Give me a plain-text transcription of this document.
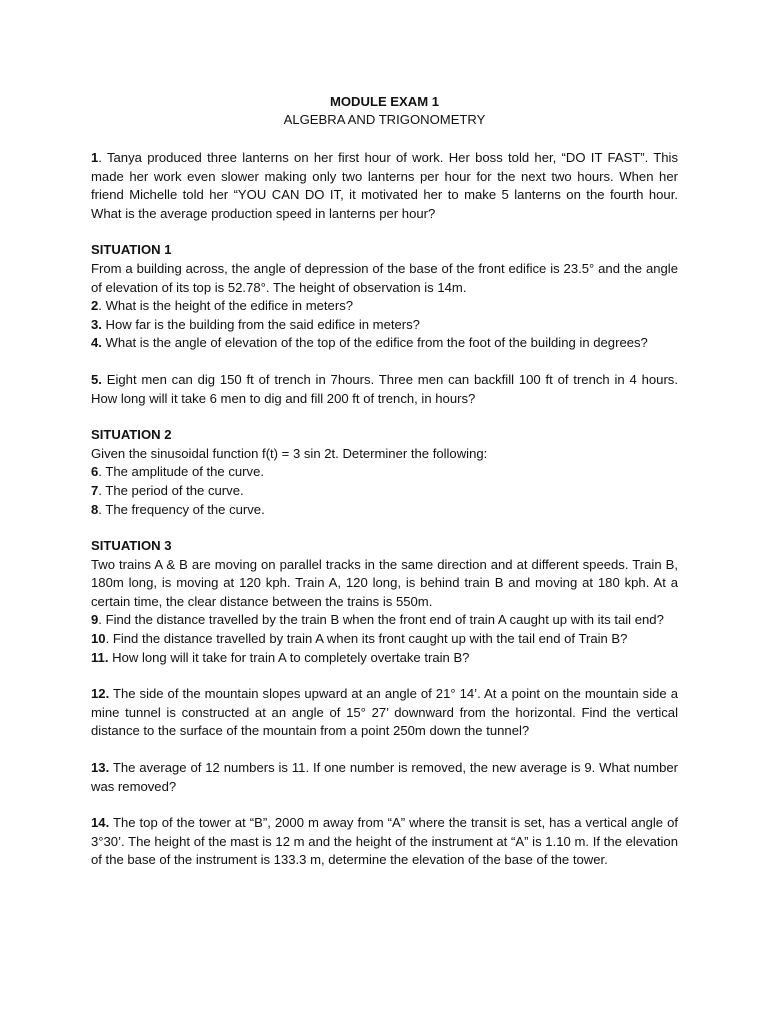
MODULE EXAM 1

ALGEBRA AND TRIGONOMETRY

1. Tanya produced three lanterns on her first hour of work. Her boss told her, “DO IT FAST”. This made her work even slower making only two lanterns per hour for the next two hours. When her friend Michelle told her “YOU CAN DO IT, it motivated her to make 5 lanterns on the fourth hour. What is the average production speed in lanterns per hour?

SITUATION 1

From a building across, the angle of depression of the base of the front edifice is 23.5° and the angle of elevation of its top is 52.78°. The height of observation is 14m.

2. What is the height of the edifice in meters?

3. How far is the building from the said edifice in meters?

4. What is the angle of elevation of the top of the edifice from the foot of the building in degrees?

5. Eight men can dig 150 ft of trench in 7hours. Three men can backfill 100 ft of trench in 4 hours. How long will it take 6 men to dig and fill 200 ft of trench, in hours?

SITUATION 2

Given the sinusoidal function f(t) = 3 sin 2t. Determiner the following:

6. The amplitude of the curve.

7. The period of the curve.

8. The frequency of the curve.

SITUATION 3

Two trains A & B are moving on parallel tracks in the same direction and at different speeds. Train B, 180m long, is moving at 120 kph. Train A, 120 long, is behind train B and moving at 180 kph. At a certain time, the clear distance between the trains is 550m.

9. Find the distance travelled by the train B when the front end of train A caught up with its tail end?

10. Find the distance travelled by train A when its front caught up with the tail end of Train B?

11. How long will it take for train A to completely overtake train B?

12. The side of the mountain slopes upward at an angle of 21° 14’. At a point on the mountain side a mine tunnel is constructed at an angle of 15° 27’ downward from the horizontal. Find the vertical distance to the surface of the mountain from a point 250m down the tunnel?

13. The average of 12 numbers is 11. If one number is removed, the new average is 9. What number was removed?

14. The top of the tower at “B”, 2000 m away from “A” where the transit is set, has a vertical angle of 3°30’. The height of the mast is 12 m and the height of the instrument at “A” is 1.10 m. If the elevation of the base of the instrument is 133.3 m, determine the elevation of the base of the tower.
